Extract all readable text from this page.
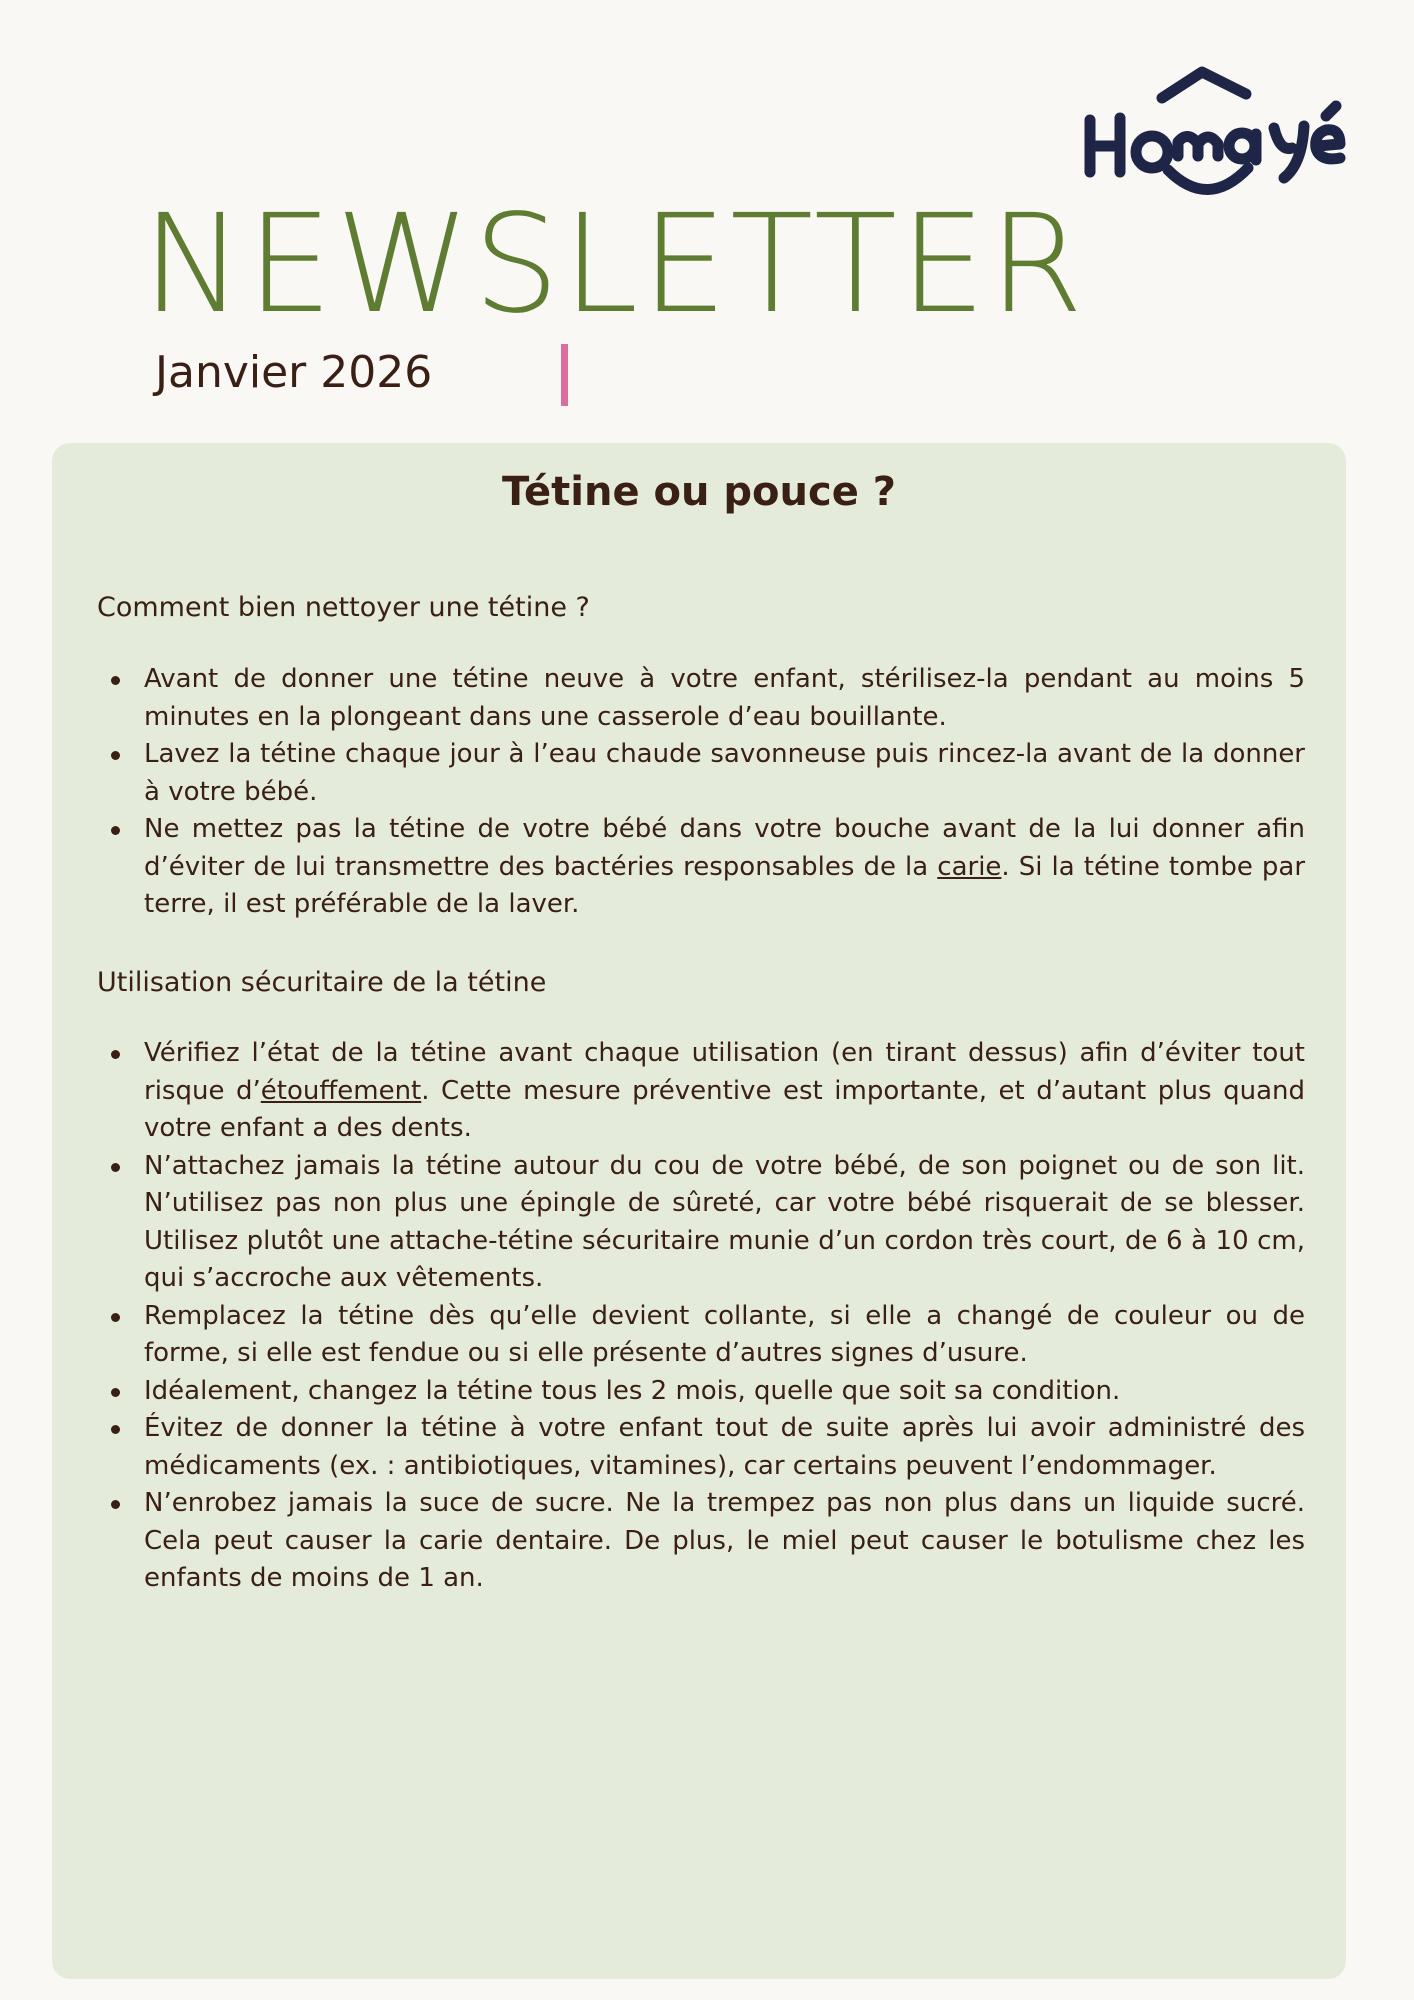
NEWSLETTER
Janvier 2026
Tétine ou pouce ?
Comment bien nettoyer une tétine ?
Avant de donner une tétine neuve à votre enfant, stérilisez-la pendant au moins 5 minutes en la plongeant dans une casserole d’eau bouillante.
Lavez la tétine chaque jour à l’eau chaude savonneuse puis rincez-la avant de la donner à votre bébé.
Ne mettez pas la tétine de votre bébé dans votre bouche avant de la lui donner afin d’éviter de lui transmettre des bactéries responsables de la carie. Si la tétine tombe par terre, il est préférable de la laver.
Utilisation sécuritaire de la tétine
Vérifiez l’état de la tétine avant chaque utilisation (en tirant dessus) afin d’éviter tout risque d’étouffement. Cette mesure préventive est importante, et d’autant plus quand votre enfant a des dents.
N’attachez jamais la tétine autour du cou de votre bébé, de son poignet ou de son lit. N’utilisez pas non plus une épingle de sûreté, car votre bébé risquerait de se blesser. Utilisez plutôt une attache-tétine sécuritaire munie d’un cordon très court, de 6 à 10 cm, qui s’accroche aux vêtements.
Remplacez la tétine dès qu’elle devient collante, si elle a changé de couleur ou de forme, si elle est fendue ou si elle présente d’autres signes d’usure.
Idéalement, changez la tétine tous les 2 mois, quelle que soit sa condition.
Évitez de donner la tétine à votre enfant tout de suite après lui avoir administré des médicaments (ex. : antibiotiques, vitamines), car certains peuvent l’endommager.
N’enrobez jamais la suce de sucre. Ne la trempez pas non plus dans un liquide sucré. Cela peut causer la carie dentaire. De plus, le miel peut causer le botulisme chez les enfants de moins de 1 an.
